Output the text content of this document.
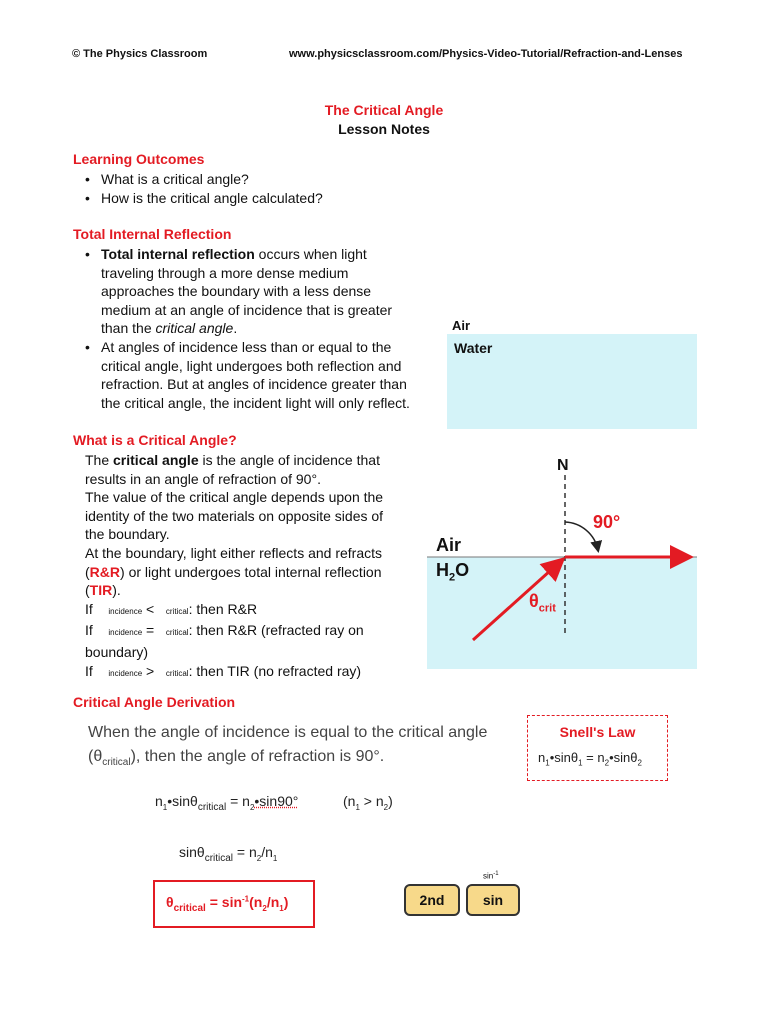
© The Physics Classroom	www.physicsclassroom.com/Physics-Video-Tutorial/Refraction-and-Lenses
The Critical Angle
Lesson Notes
Learning Outcomes
• What is a critical angle?
• How is the critical angle calculated?
Total Internal Reflection
• Total internal reflection occurs when light
traveling through a more dense medium
approaches the boundary with a less dense
medium at an angle of incidence that is greater
than the critical angle.
• At angles of incidence less than or equal to the
critical angle, light undergoes both reflection and
refraction. But at angles of incidence greater than
the critical angle, the incident light will only reflect.
Air
Water
What is a Critical Angle?
The critical angle is the angle of incidence that
results in an angle of refraction of 90°.
The value of the critical angle depends upon the
identity of the two materials on opposite sides of
the boundary.
At the boundary, light either reflects and refracts
(R&R) or light undergoes total internal reflection
(TIR).
If incidence < critical: then R&R
If incidence = critical: then R&R (refracted ray on
boundary)
If incidence > critical: then TIR (no refracted ray)
N
90°
Air
$H_2O$
$\theta_{crit}$
Critical Angle Derivation
When the angle of incidence is equal to the critical angle
$(\theta_{critical})$, then the angle of refraction is 90°.
Snell's Law
$n_1•\sin\theta_1$ = $n_2•\sin\theta_2$
$n_1•\sin\theta_{critical}$ = $n_2•\sin 90^\circ$	$(n_1 > n_2)$
$\sin\theta_{critical} = n_2/n_1$
$\theta_{critical} = \sin^{-1}(n_2/n_1)$	2nd
$\sin^{-1}$
sin
